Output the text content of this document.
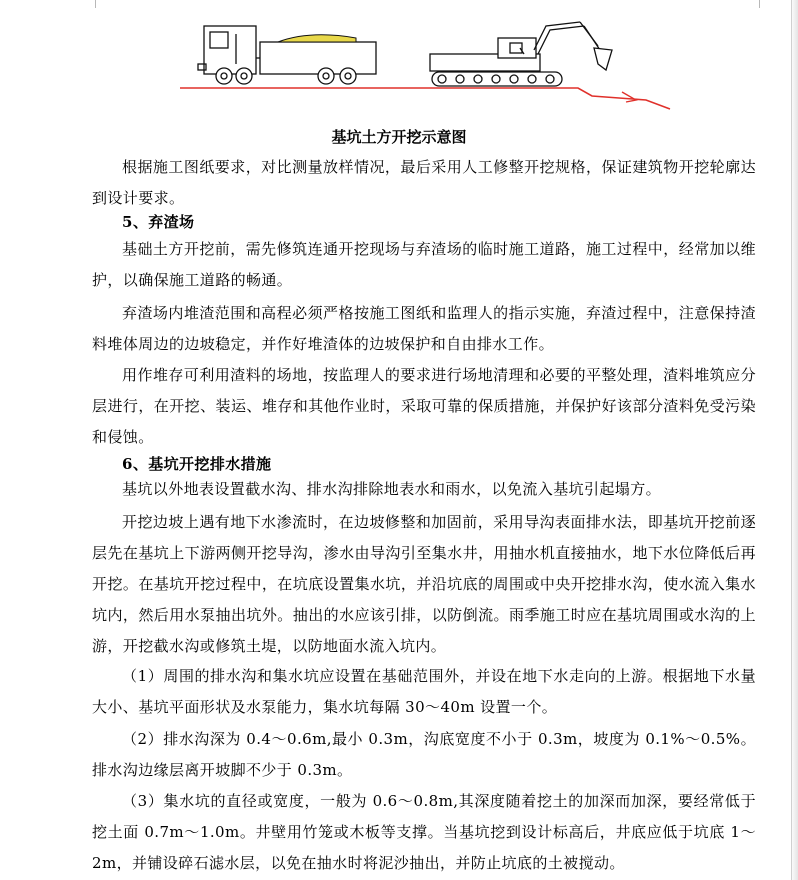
基坑土方开挖示意图

根据施工图纸要求，对比测量放样情况，最后采用人工修整开挖规格，保证建筑物开挖轮廓达到设计要求。

5、弃渣场

基础土方开挖前，需先修筑连通开挖现场与弃渣场的临时施工道路，施工过程中，经常加以维护，以确保施工道路的畅通。

弃渣场内堆渣范围和高程必须严格按施工图纸和监理人的指示实施，弃渣过程中，注意保持渣料堆体周边的边坡稳定，并作好堆渣体的边坡保护和自由排水工作。

用作堆存可利用渣料的场地，按监理人的要求进行场地清理和必要的平整处理，渣料堆筑应分层进行，在开挖、装运、堆存和其他作业时，采取可靠的保质措施，并保护好该部分渣料免受污染和侵蚀。

6、基坑开挖排水措施

基坑以外地表设置截水沟、排水沟排除地表水和雨水，以免流入基坑引起塌方。

开挖边坡上遇有地下水渗流时，在边坡修整和加固前，采用导沟表面排水法，即基坑开挖前逐层先在基坑上下游两侧开挖导沟，渗水由导沟引至集水井，用抽水机直接抽水，地下水位降低后再开挖。在基坑开挖过程中，在坑底设置集水坑，并沿坑底的周围或中央开挖排水沟，使水流入集水坑内，然后用水泵抽出坑外。抽出的水应该引排，以防倒流。雨季施工时应在基坑周围或水沟的上游，开挖截水沟或修筑土堤，以防地面水流入坑内。

（1）周围的排水沟和集水坑应设置在基础范围外，并设在地下水走向的上游。根据地下水量大小、基坑平面形状及水泵能力，集水坑每隔 30～40m 设置一个。

（2）排水沟深为 0.4～0.6m,最小 0.3m，沟底宽度不小于 0.3m，坡度为 0.1%～0.5%。排水沟边缘层离开坡脚不少于 0.3m。

（3）集水坑的直径或宽度，一般为 0.6～0.8m,其深度随着挖土的加深而加深，要经常低于挖土面 0.7m～1.0m。井壁用竹笼或木板等支撑。当基坑挖到设计标高后，井底应低于坑底 1～2m，并铺设碎石滤水层，以免在抽水时将泥沙抽出，并防止坑底的土被搅动。
